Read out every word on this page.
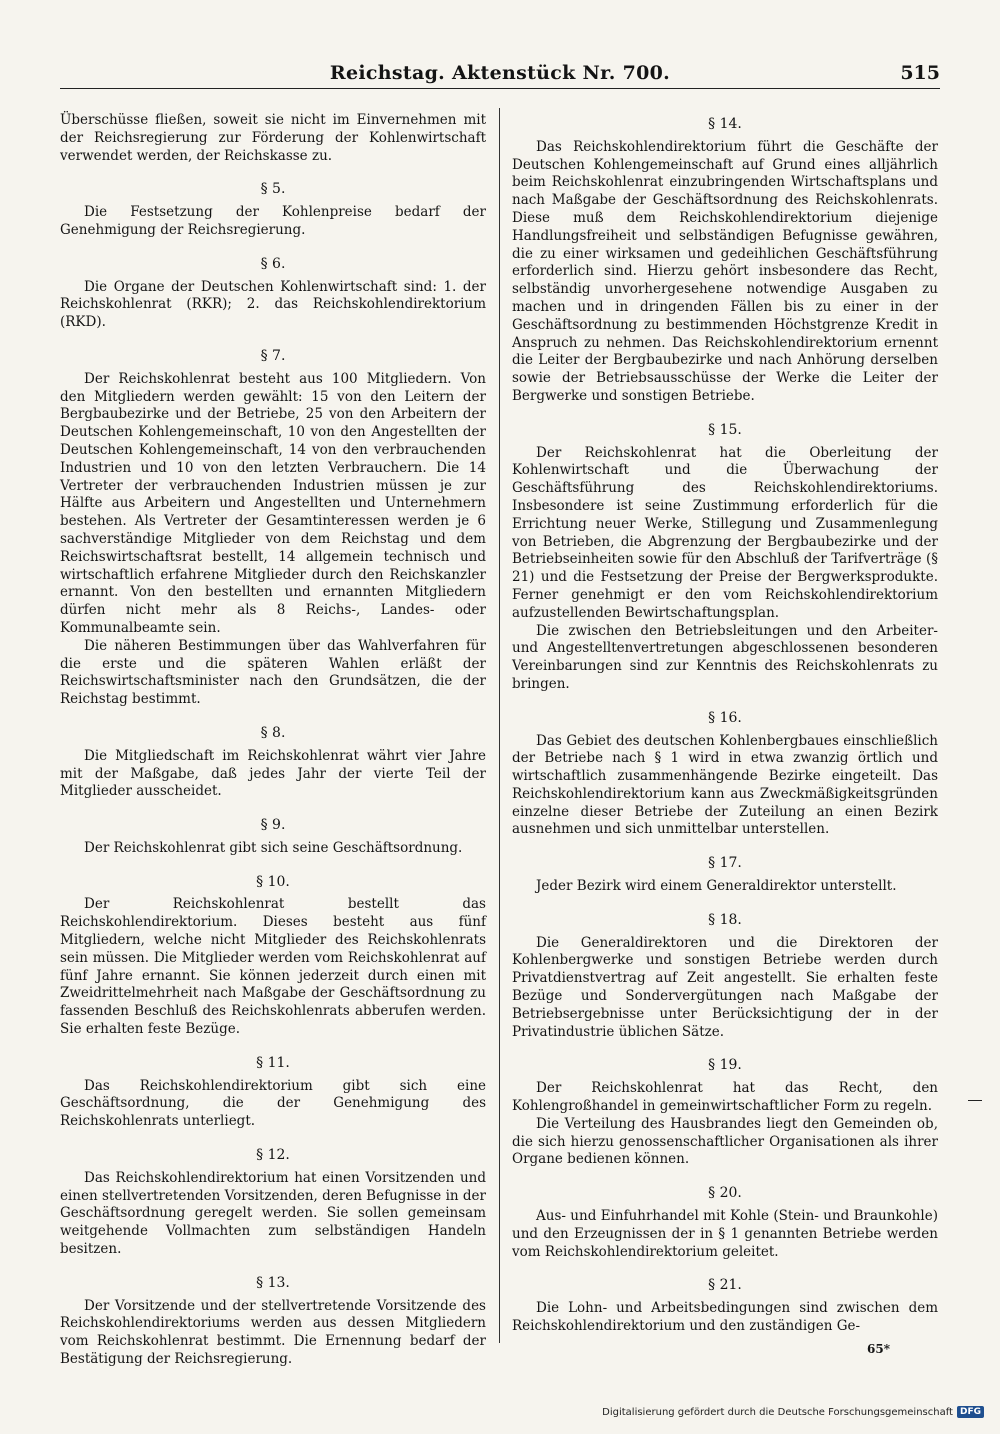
Reichstag. Aktenstück Nr. 700.	515

Überschüsse fließen, soweit sie nicht im Einvernehmen mit der Reichsregierung zur Förderung der Kohlenwirtschaft verwendet werden, der Reichskasse zu.

§ 5.

Die Festsetzung der Kohlenpreise bedarf der Genehmigung der Reichsregierung.

§ 6.

Die Organe der Deutschen Kohlenwirtschaft sind: 1. der Reichskohlenrat (RKR); 2. das Reichskohlendirektorium (RKD).

§ 7.

Der Reichskohlenrat besteht aus 100 Mitgliedern. Von den Mitgliedern werden gewählt: 15 von den Leitern der Bergbaubezirke und der Betriebe, 25 von den Arbeitern der Deutschen Kohlengemeinschaft, 10 von den Angestellten der Deutschen Kohlengemeinschaft, 14 von den verbrauchenden Industrien und 10 von den letzten Verbrauchern. Die 14 Vertreter der verbrauchenden Industrien müssen je zur Hälfte aus Arbeitern und Angestellten und Unternehmern bestehen. Als Vertreter der Gesamtinteressen werden je 6 sachverständige Mitglieder von dem Reichstag und dem Reichswirtschaftsrat bestellt, 14 allgemein technisch und wirtschaftlich erfahrene Mitglieder durch den Reichskanzler ernannt. Von den bestellten und ernannten Mitgliedern dürfen nicht mehr als 8 Reichs-, Landes- oder Kommunalbeamte sein.

Die näheren Bestimmungen über das Wahlverfahren für die erste und die späteren Wahlen erläßt der Reichswirtschaftsminister nach den Grundsätzen, die der Reichstag bestimmt.

§ 8.

Die Mitgliedschaft im Reichskohlenrat währt vier Jahre mit der Maßgabe, daß jedes Jahr der vierte Teil der Mitglieder ausscheidet.

§ 9.

Der Reichskohlenrat gibt sich seine Geschäftsordnung.

§ 10.

Der Reichskohlenrat bestellt das Reichskohlendirektorium. Dieses besteht aus fünf Mitgliedern, welche nicht Mitglieder des Reichskohlenrats sein müssen. Die Mitglieder werden vom Reichskohlenrat auf fünf Jahre ernannt. Sie können jederzeit durch einen mit Zweidrittelmehrheit nach Maßgabe der Geschäftsordnung zu fassenden Beschluß des Reichskohlenrats abberufen werden. Sie erhalten feste Bezüge.

§ 11.

Das Reichskohlendirektorium gibt sich eine Geschäftsordnung, die der Genehmigung des Reichskohlenrats unterliegt.

§ 12.

Das Reichskohlendirektorium hat einen Vorsitzenden und einen stellvertretenden Vorsitzenden, deren Befugnisse in der Geschäftsordnung geregelt werden. Sie sollen gemeinsam weitgehende Vollmachten zum selbständigen Handeln besitzen.

§ 13.

Der Vorsitzende und der stellvertretende Vorsitzende des Reichskohlendirektoriums werden aus dessen Mitgliedern vom Reichskohlenrat bestimmt. Die Ernennung bedarf der Bestätigung der Reichsregierung.

§ 14.

Das Reichskohlendirektorium führt die Geschäfte der Deutschen Kohlengemeinschaft auf Grund eines alljährlich beim Reichskohlenrat einzubringenden Wirtschaftsplans und nach Maßgabe der Geschäftsordnung des Reichskohlenrats. Diese muß dem Reichskohlendirektorium diejenige Handlungsfreiheit und selbständigen Befugnisse gewähren, die zu einer wirksamen und gedeihlichen Geschäftsführung erforderlich sind. Hierzu gehört insbesondere das Recht, selbständig unvorhergesehene notwendige Ausgaben zu machen und in dringenden Fällen bis zu einer in der Geschäftsordnung zu bestimmenden Höchstgrenze Kredit in Anspruch zu nehmen. Das Reichskohlendirektorium ernennt die Leiter der Bergbaubezirke und nach Anhörung derselben sowie der Betriebsausschüsse der Werke die Leiter der Bergwerke und sonstigen Betriebe.

§ 15.

Der Reichskohlenrat hat die Oberleitung der Kohlenwirtschaft und die Überwachung der Geschäftsführung des Reichskohlendirektoriums. Insbesondere ist seine Zustimmung erforderlich für die Errichtung neuer Werke, Stillegung und Zusammenlegung von Betrieben, die Abgrenzung der Bergbaubezirke und der Betriebseinheiten sowie für den Abschluß der Tarifverträge (§ 21) und die Festsetzung der Preise der Bergwerksprodukte. Ferner genehmigt er den vom Reichskohlendirektorium aufzustellenden Bewirtschaftungsplan.

Die zwischen den Betriebsleitungen und den Arbeiter- und Angestelltenvertretungen abgeschlossenen besonderen Vereinbarungen sind zur Kenntnis des Reichskohlenrats zu bringen.

§ 16.

Das Gebiet des deutschen Kohlenbergbaues einschließlich der Betriebe nach § 1 wird in etwa zwanzig örtlich und wirtschaftlich zusammenhängende Bezirke eingeteilt. Das Reichskohlendirektorium kann aus Zweckmäßigkeitsgründen einzelne dieser Betriebe der Zuteilung an einen Bezirk ausnehmen und sich unmittelbar unterstellen.

§ 17.

Jeder Bezirk wird einem Generaldirektor unterstellt.

§ 18.

Die Generaldirektoren und die Direktoren der Kohlenbergwerke und sonstigen Betriebe werden durch Privatdienstvertrag auf Zeit angestellt. Sie erhalten feste Bezüge und Sondervergütungen nach Maßgabe der Betriebsergebnisse unter Berücksichtigung der in der Privatindustrie üblichen Sätze.

§ 19.

Der Reichskohlenrat hat das Recht, den Kohlengroßhandel in gemeinwirtschaftlicher Form zu regeln.

Die Verteilung des Hausbrandes liegt den Gemeinden ob, die sich hierzu genossenschaftlicher Organisationen als ihrer Organe bedienen können.

§ 20.

Aus- und Einfuhrhandel mit Kohle (Stein- und Braunkohle) und den Erzeugnissen der in § 1 genannten Betriebe werden vom Reichskohlendirektorium geleitet.

§ 21.

Die Lohn- und Arbeitsbedingungen sind zwischen dem Reichskohlendirektorium und den zuständigen Ge-

65*
Digitalisierung gefördert durch die Deutsche Forschungsgemeinschaft DFG
